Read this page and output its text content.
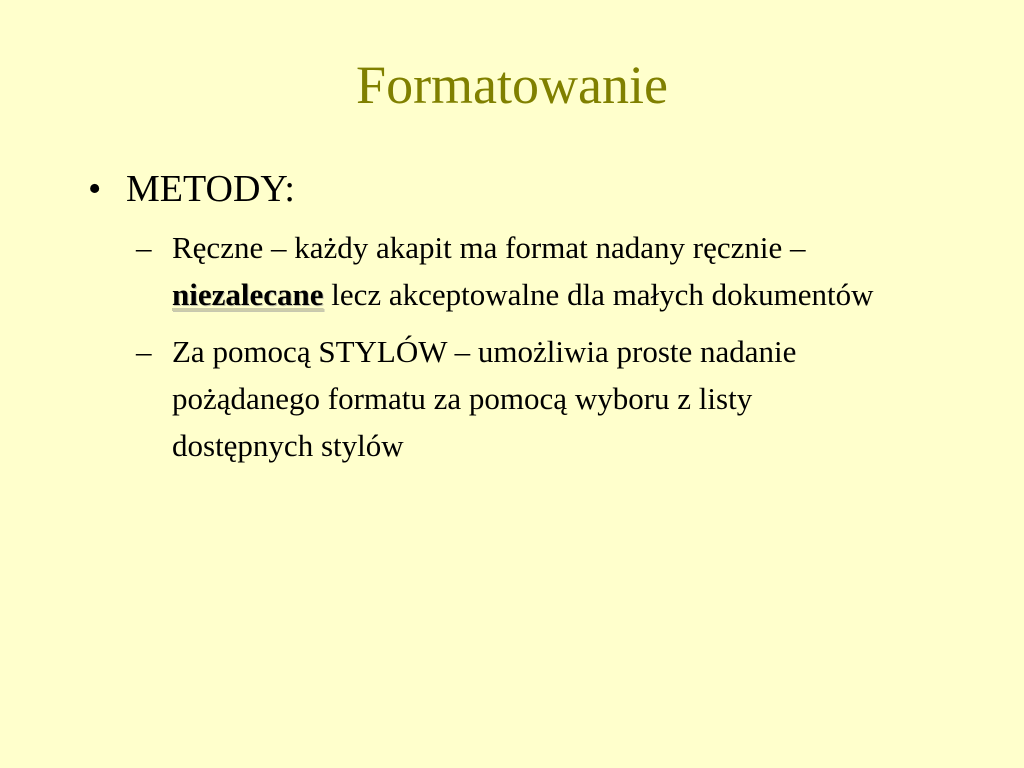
Formatowanie
• METODY:
– Ręczne – każdy akapit ma format nadany ręcznie – niezalecane lecz akceptowalne dla małych dokumentów
– Za pomocą STYLÓW – umożliwia proste nadanie pożądanego formatu za pomocą wyboru z listy dostępnych stylów
